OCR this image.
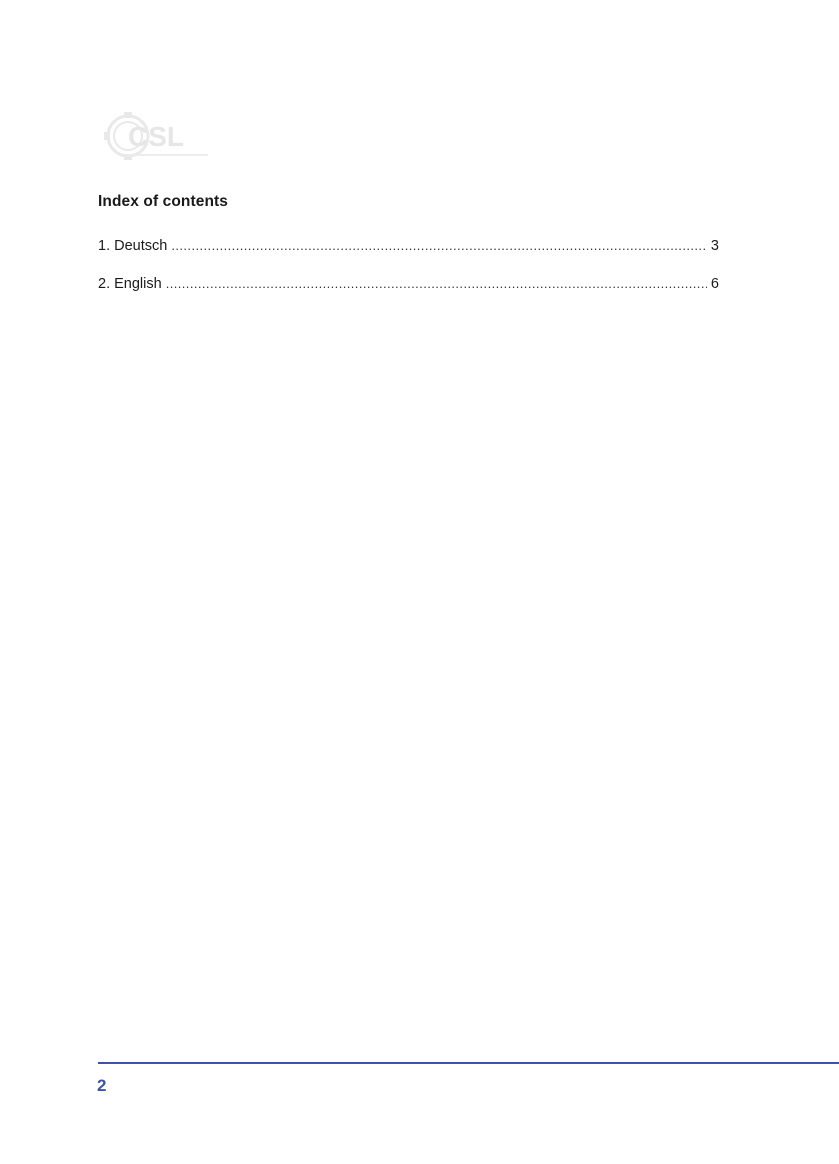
CSL
Index of contents
1. Deutsch . . .	3
2. English . . .	6
2
